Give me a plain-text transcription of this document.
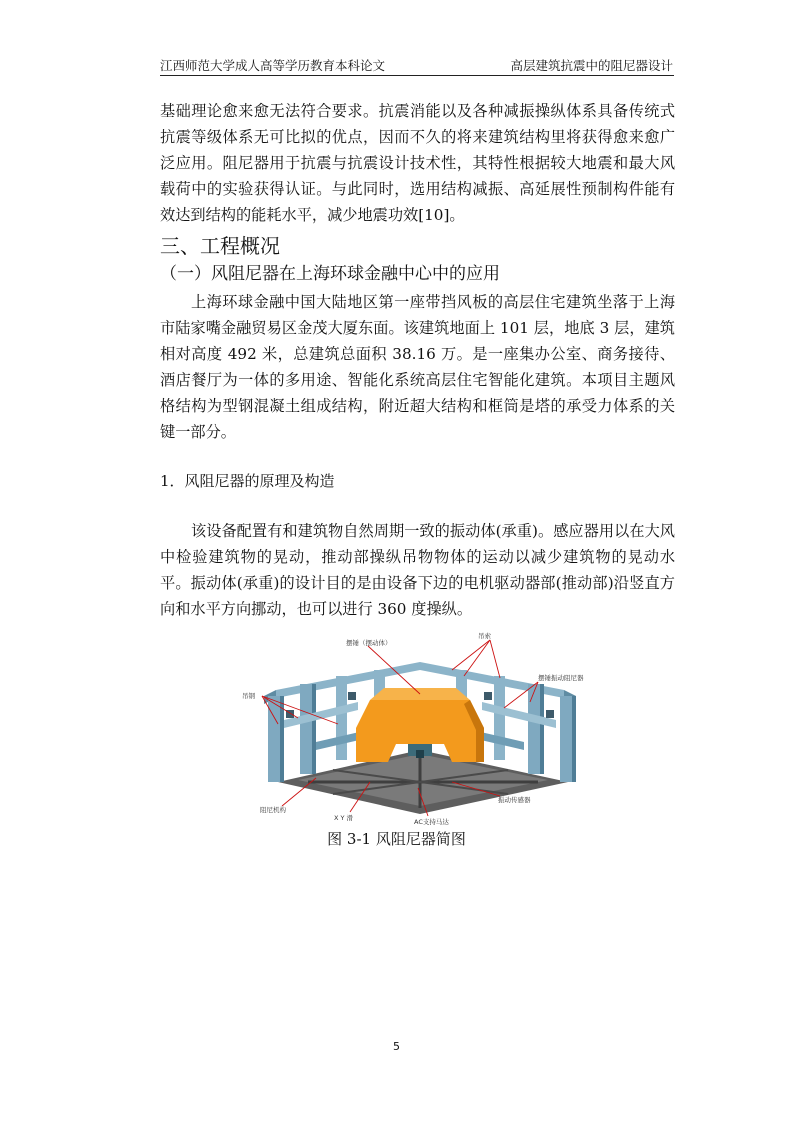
江西师范大学成人高等学历教育本科论文	高层建筑抗震中的阻尼器设计

基础理论愈来愈无法符合要求。抗震消能以及各种减振操纵体系具备传统式抗震等级体系无可比拟的优点，因而不久的将来建筑结构里将获得愈来愈广泛应用。阻尼器用于抗震与抗震设计技术性，其特性根据较大地震和最大风载荷中的实验获得认证。与此同时，选用结构减振、高延展性预制构件能有效达到结构的能耗水平，减少地震功效[10]。

三、工程概况
（一）风阻尼器在上海环球金融中心中的应用

上海环球金融中国大陆地区第一座带挡风板的高层住宅建筑坐落于上海市陆家嘴金融贸易区金茂大厦东面。该建筑地面上 101 层，地底 3 层，建筑相对高度 492 米，总建筑总面积 38.16 万。是一座集办公室、商务接待、酒店餐厅为一体的多用途、智能化系统高层住宅智能化建筑。本项目主题风格结构为型钢混凝土组成结构，附近超大结构和框筒是塔的承受力体系的关键一部分。

1．风阻尼器的原理及构造

该设备配置有和建筑物自然周期一致的振动体(承重)。感应器用以在大风中检验建筑物的晃动，推动部操纵吊物物体的运动以减少建筑物的晃动水平。振动体(承重)的设计目的是由设备下边的电机驱动器部(推动部)沿竖直方向和水平方向挪动，也可以进行 360 度操纵。

摆锤（摆动体）
吊索
摆锤振动阻尼器
吊钢
阻尼机构
X Y 滑	AC支持马达
振动传感器
图 3-1 风阻尼器简图
5
